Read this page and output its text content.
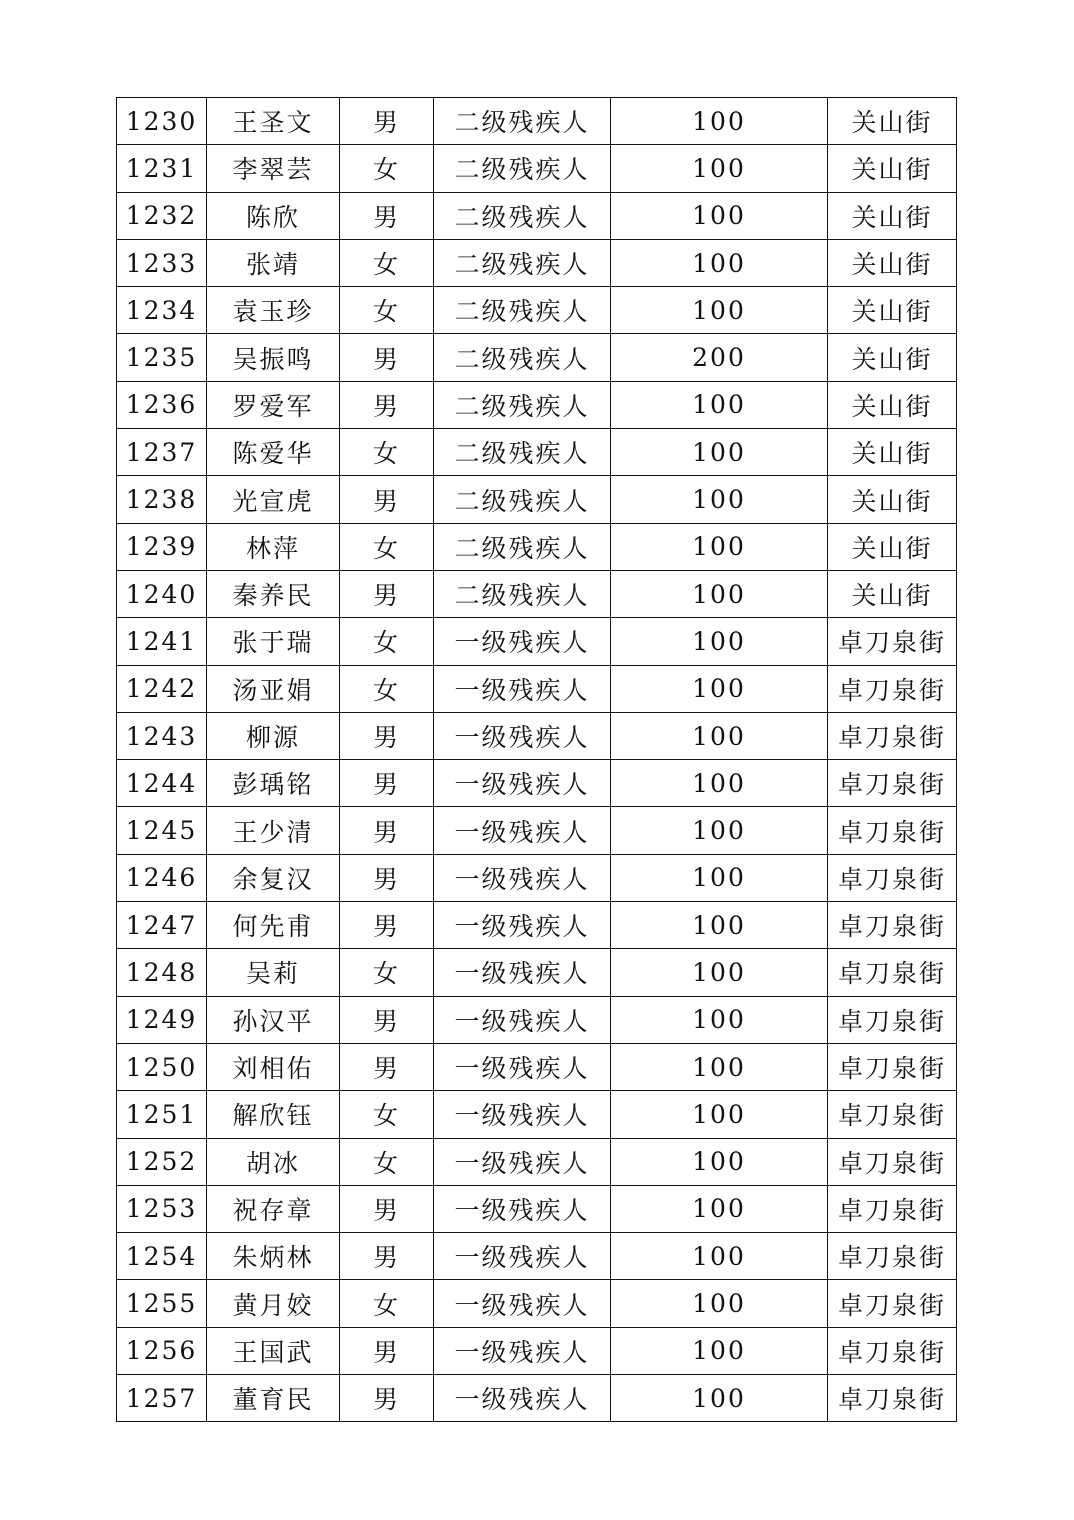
1230	王圣文	男	二级残疾人	100	关山街
1231	李翠芸	女	二级残疾人	100	关山街
1232	陈欣	男	二级残疾人	100	关山街
1233	张靖	女	二级残疾人	100	关山街
1234	袁玉珍	女	二级残疾人	100	关山街
1235	吴振鸣	男	二级残疾人	200	关山街
1236	罗爱军	男	二级残疾人	100	关山街
1237	陈爱华	女	二级残疾人	100	关山街
1238	光宣虎	男	二级残疾人	100	关山街
1239	林萍	女	二级残疾人	100	关山街
1240	秦养民	男	二级残疾人	100	关山街
1241	张于瑞	女	一级残疾人	100	卓刀泉街
1242	汤亚娟	女	一级残疾人	100	卓刀泉街
1243	柳源	男	一级残疾人	100	卓刀泉街
1244	彭瑀铭	男	一级残疾人	100	卓刀泉街
1245	王少清	男	一级残疾人	100	卓刀泉街
1246	余复汉	男	一级残疾人	100	卓刀泉街
1247	何先甫	男	一级残疾人	100	卓刀泉街
1248	吴莉	女	一级残疾人	100	卓刀泉街
1249	孙汉平	男	一级残疾人	100	卓刀泉街
1250	刘相佑	男	一级残疾人	100	卓刀泉街
1251	解欣钰	女	一级残疾人	100	卓刀泉街
1252	胡冰	女	一级残疾人	100	卓刀泉街
1253	祝存章	男	一级残疾人	100	卓刀泉街
1254	朱炳林	男	一级残疾人	100	卓刀泉街
1255	黄月姣	女	一级残疾人	100	卓刀泉街
1256	王国武	男	一级残疾人	100	卓刀泉街
1257	董育民	男	一级残疾人	100	卓刀泉街
